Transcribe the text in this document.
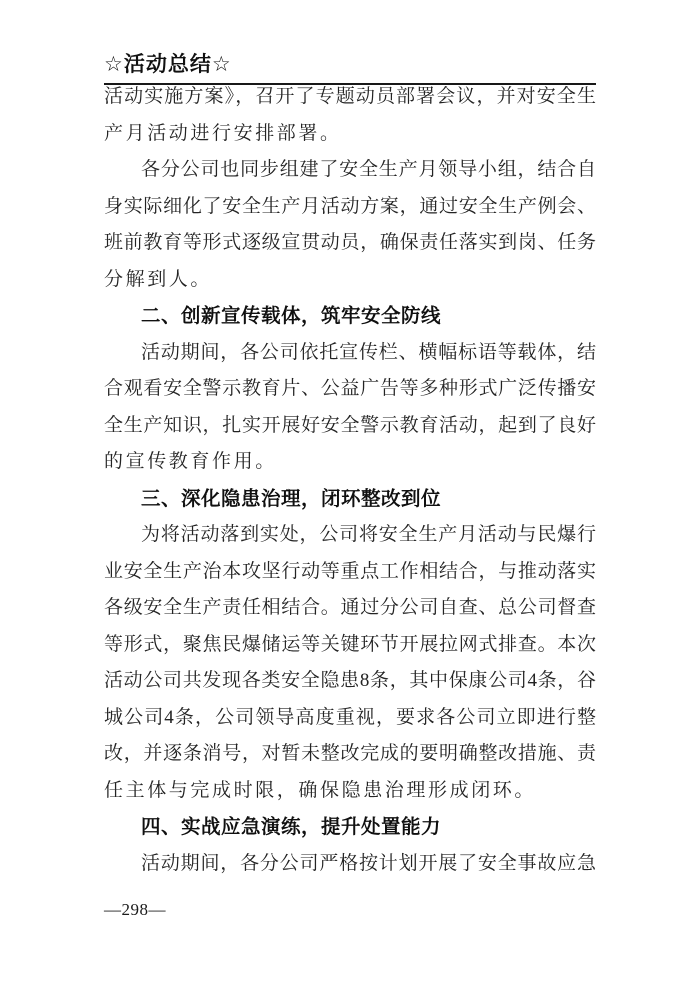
☆活动总结☆

活动实施方案》，召开了专题动员部署会议，并对安全生

产月活动进行安排部署。

各分公司也同步组建了安全生产月领导小组，结合自

身实际细化了安全生产月活动方案，通过安全生产例会、

班前教育等形式逐级宣贯动员，确保责任落实到岗、任务

分解到人。

二、创新宣传载体，筑牢安全防线

活动期间，各公司依托宣传栏、横幅标语等载体，结

合观看安全警示教育片、公益广告等多种形式广泛传播安

全生产知识，扎实开展好安全警示教育活动，起到了良好

的宣传教育作用。

三、深化隐患治理，闭环整改到位

为将活动落到实处，公司将安全生产月活动与民爆行

业安全生产治本攻坚行动等重点工作相结合，与推动落实

各级安全生产责任相结合。通过分公司自查、总公司督查

等形式，聚焦民爆储运等关键环节开展拉网式排查。本次

活动公司共发现各类安全隐患8条，其中保康公司4条，谷

城公司4条，公司领导高度重视，要求各公司立即进行整

改，并逐条消号，对暂未整改完成的要明确整改措施、责

任主体与完成时限，确保隐患治理形成闭环。

四、实战应急演练，提升处置能力

活动期间，各分公司严格按计划开展了安全事故应急

—298—
